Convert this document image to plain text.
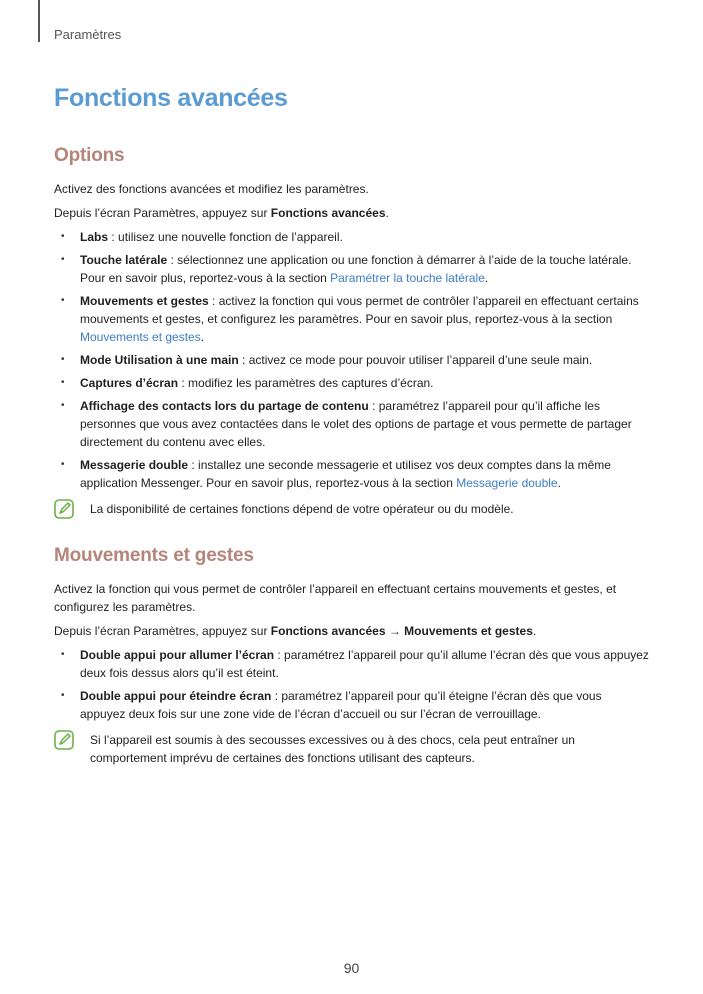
Paramètres
Fonctions avancées
Options

Activez des fonctions avancées et modifiez les paramètres.

Depuis l’écran Paramètres, appuyez sur Fonctions avancées.

• Labs : utilisez une nouvelle fonction de l’appareil.
• Touche latérale : sélectionnez une application ou une fonction à démarrer à l’aide de la touche latérale. Pour en savoir plus, reportez-vous à la section Paramétrer la touche latérale.
• Mouvements et gestes : activez la fonction qui vous permet de contrôler l’appareil en effectuant certains mouvements et gestes, et configurez les paramètres. Pour en savoir plus, reportez-vous à la section Mouvements et gestes.
• Mode Utilisation à une main : activez ce mode pour pouvoir utiliser l’appareil d’une seule main.
• Captures d’écran : modifiez les paramètres des captures d’écran.
• Affichage des contacts lors du partage de contenu : paramétrez l’appareil pour qu’il affiche les personnes que vous avez contactées dans le volet des options de partage et vous permette de partager directement du contenu avec elles.
• Messagerie double : installez une seconde messagerie et utilisez vos deux comptes dans la même application Messenger. Pour en savoir plus, reportez-vous à la section Messagerie double.
La disponibilité de certaines fonctions dépend de votre opérateur ou du modèle.
Mouvements et gestes

Activez la fonction qui vous permet de contrôler l’appareil en effectuant certains mouvements et gestes, et configurez les paramètres.

Depuis l’écran Paramètres, appuyez sur Fonctions avancées → Mouvements et gestes.

• Double appui pour allumer l’écran : paramétrez l’appareil pour qu’il allume l’écran dès que vous appuyez deux fois dessus alors qu’il est éteint.
• Double appui pour éteindre écran : paramétrez l’appareil pour qu’il éteigne l’écran dès que vous appuyez deux fois sur une zone vide de l’écran d’accueil ou sur l’écran de verrouillage.
Si l’appareil est soumis à des secousses excessives ou à des chocs, cela peut entraîner un comportement imprévu de certaines des fonctions utilisant des capteurs.
90
